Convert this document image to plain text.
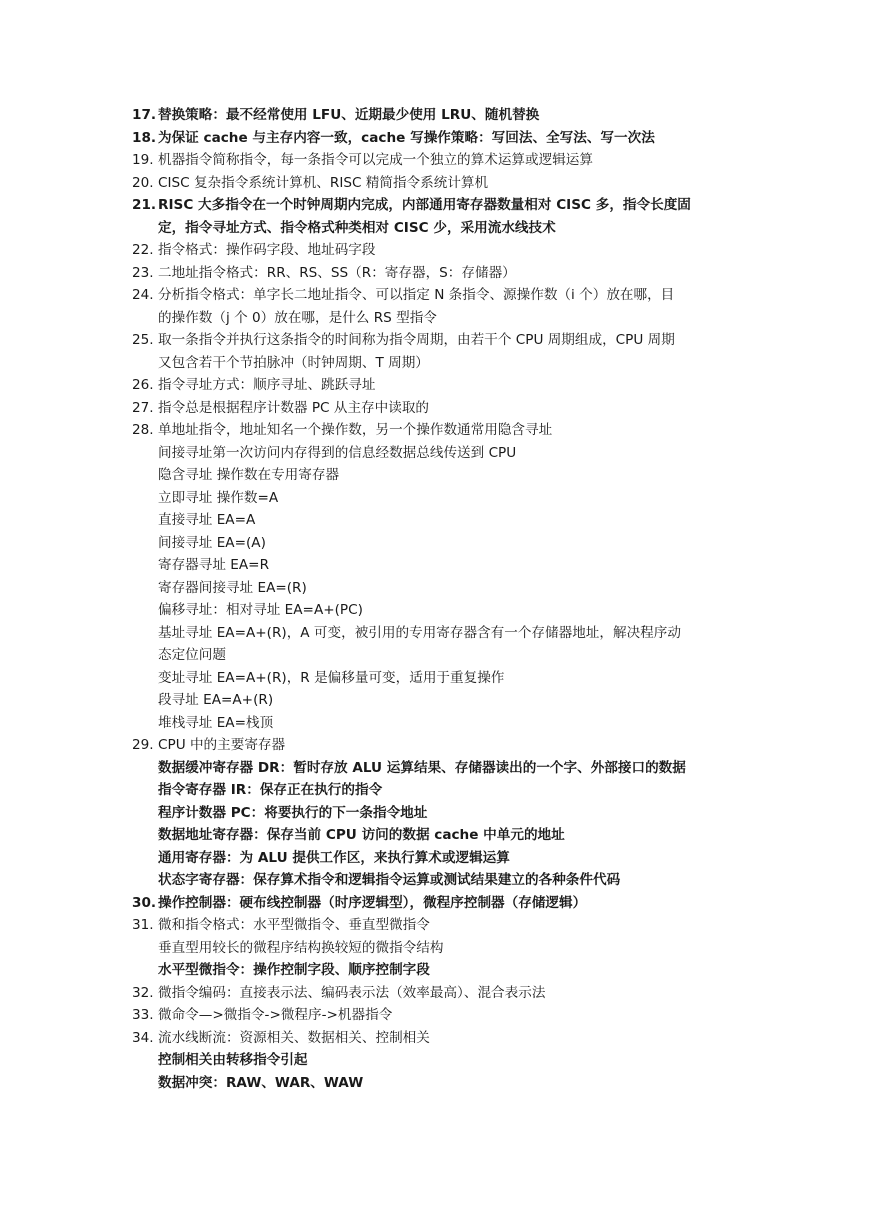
17. 替换策略：最不经常使用 LFU、近期最少使用 LRU、随机替换
18. 为保证 cache 与主存内容一致，cache 写操作策略：写回法、全写法、写一次法
19. 机器指令简称指令，每一条指令可以完成一个独立的算术运算或逻辑运算
20. CISC 复杂指令系统计算机、RISC 精简指令系统计算机
21. RISC 大多指令在一个时钟周期内完成，内部通用寄存器数量相对 CISC 多，指令长度固
定，指令寻址方式、指令格式种类相对 CISC 少，采用流水线技术
22. 指令格式：操作码字段、地址码字段
23. 二地址指令格式：RR、RS、SS（R：寄存器，S：存储器）
24. 分析指令格式：单字长二地址指令、可以指定 N 条指令、源操作数（i 个）放在哪，目
的操作数（j 个 0）放在哪，是什么 RS 型指令
25. 取一条指令并执行这条指令的时间称为指令周期，由若干个 CPU 周期组成，CPU 周期
又包含若干个节拍脉冲（时钟周期、T 周期）
26. 指令寻址方式：顺序寻址、跳跃寻址
27. 指令总是根据程序计数器 PC 从主存中读取的
28. 单地址指令，地址知名一个操作数，另一个操作数通常用隐含寻址
间接寻址第一次访问内存得到的信息经数据总线传送到 CPU
隐含寻址 操作数在专用寄存器
立即寻址 操作数=A
直接寻址 EA=A
间接寻址 EA=(A)
寄存器寻址 EA=R
寄存器间接寻址 EA=(R)
偏移寻址：相对寻址 EA=A+(PC)
基址寻址 EA=A+(R)，A 可变，被引用的专用寄存器含有一个存储器地址，解决程序动
态定位问题
变址寻址 EA=A+(R)，R 是偏移量可变，适用于重复操作
段寻址 EA=A+(R)
堆栈寻址 EA=栈顶
29. CPU 中的主要寄存器
数据缓冲寄存器 DR：暂时存放 ALU 运算结果、存储器读出的一个字、外部接口的数据
指令寄存器 IR：保存正在执行的指令
程序计数器 PC：将要执行的下一条指令地址
数据地址寄存器：保存当前 CPU 访问的数据 cache 中单元的地址
通用寄存器：为 ALU 提供工作区，来执行算术或逻辑运算
状态字寄存器：保存算术指令和逻辑指令运算或测试结果建立的各种条件代码
30. 操作控制器：硬布线控制器（时序逻辑型），微程序控制器（存储逻辑）
31. 微和指令格式：水平型微指令、垂直型微指令
垂直型用较长的微程序结构换较短的微指令结构
水平型微指令：操作控制字段、顺序控制字段
32. 微指令编码：直接表示法、编码表示法（效率最高）、混合表示法
33. 微命令—>微指令->微程序->机器指令
34. 流水线断流：资源相关、数据相关、控制相关
控制相关由转移指令引起
数据冲突：RAW、WAR、WAW
